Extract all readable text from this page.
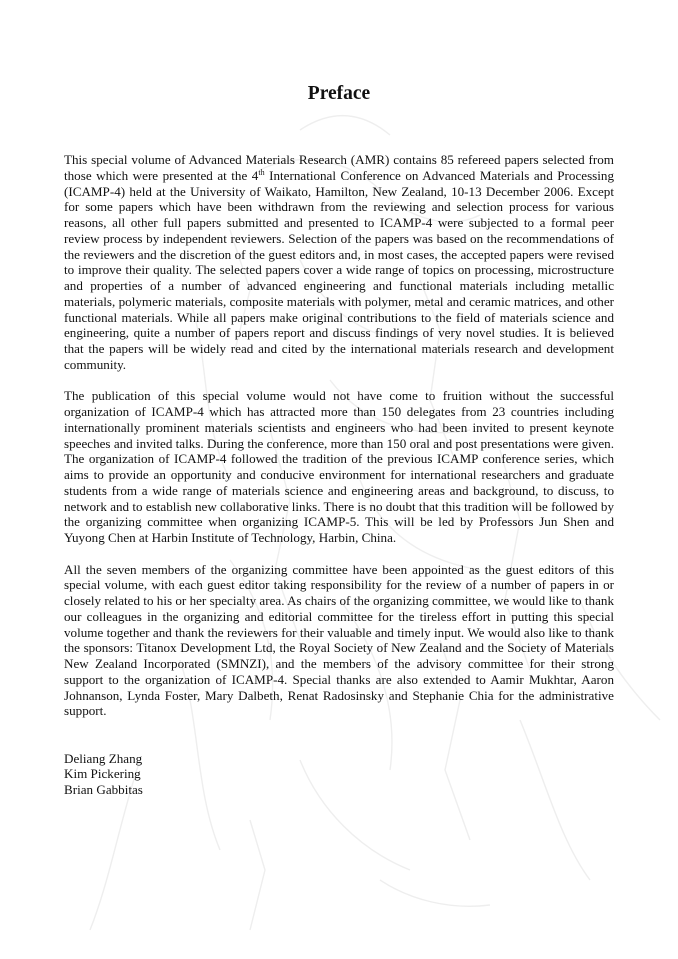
Preface

This special volume of Advanced Materials Research (AMR) contains 85 refereed papers selected from those which were presented at the 4th International Conference on Advanced Materials and Processing (ICAMP-4) held at the University of Waikato, Hamilton, New Zealand, 10-13 December 2006. Except for some papers which have been withdrawn from the reviewing and selection process for various reasons, all other full papers submitted and presented to ICAMP-4 were subjected to a formal peer review process by independent reviewers. Selection of the papers was based on the recommendations of the reviewers and the discretion of the guest editors and, in most cases, the accepted papers were revised to improve their quality. The selected papers cover a wide range of topics on processing, microstructure and properties of a number of advanced engineering and functional materials including metallic materials, polymeric materials, composite materials with polymer, metal and ceramic matrices, and other functional materials. While all papers make original contributions to the field of materials science and engineering, quite a number of papers report and discuss findings of very novel studies. It is believed that the papers will be widely read and cited by the international materials research and development community.

The publication of this special volume would not have come to fruition without the successful organization of ICAMP-4 which has attracted more than 150 delegates from 23 countries including internationally prominent materials scientists and engineers who had been invited to present keynote speeches and invited talks. During the conference, more than 150 oral and post presentations were given. The organization of ICAMP-4 followed the tradition of the previous ICAMP conference series, which aims to provide an opportunity and conducive environment for international researchers and graduate students from a wide range of materials science and engineering areas and background, to discuss, to network and to establish new collaborative links. There is no doubt that this tradition will be followed by the organizing committee when organizing ICAMP-5. This will be led by Professors Jun Shen and Yuyong Chen at Harbin Institute of Technology, Harbin, China.

All the seven members of the organizing committee have been appointed as the guest editors of this special volume, with each guest editor taking responsibility for the review of a number of papers in or closely related to his or her specialty area. As chairs of the organizing committee, we would like to thank our colleagues in the organizing and editorial committee for the tireless effort in putting this special volume together and thank the reviewers for their valuable and timely input. We would also like to thank the sponsors: Titanox Development Ltd, the Royal Society of New Zealand and the Society of Materials New Zealand Incorporated (SMNZI), and the members of the advisory committee for their strong support to the organization of ICAMP-4. Special thanks are also extended to Aamir Mukhtar, Aaron Johnanson, Lynda Foster, Mary Dalbeth, Renat Radosinsky and Stephanie Chia for the administrative support.

Deliang Zhang
Kim Pickering
Brian Gabbitas
